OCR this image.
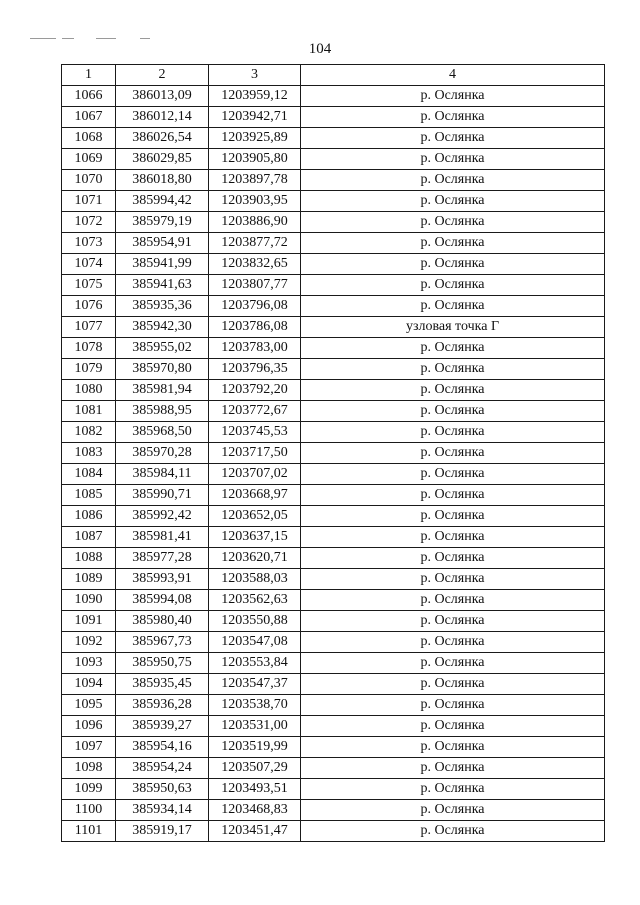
104
1	2	3	4
1066	386013,09	1203959,12	р. Ослянка
1067	386012,14	1203942,71	р. Ослянка
1068	386026,54	1203925,89	р. Ослянка
1069	386029,85	1203905,80	р. Ослянка
1070	386018,80	1203897,78	р. Ослянка
1071	385994,42	1203903,95	р. Ослянка
1072	385979,19	1203886,90	р. Ослянка
1073	385954,91	1203877,72	р. Ослянка
1074	385941,99	1203832,65	р. Ослянка
1075	385941,63	1203807,77	р. Ослянка
1076	385935,36	1203796,08	р. Ослянка
1077	385942,30	1203786,08	узловая точка Г
1078	385955,02	1203783,00	р. Ослянка
1079	385970,80	1203796,35	р. Ослянка
1080	385981,94	1203792,20	р. Ослянка
1081	385988,95	1203772,67	р. Ослянка
1082	385968,50	1203745,53	р. Ослянка
1083	385970,28	1203717,50	р. Ослянка
1084	385984,11	1203707,02	р. Ослянка
1085	385990,71	1203668,97	р. Ослянка
1086	385992,42	1203652,05	р. Ослянка
1087	385981,41	1203637,15	р. Ослянка
1088	385977,28	1203620,71	р. Ослянка
1089	385993,91	1203588,03	р. Ослянка
1090	385994,08	1203562,63	р. Ослянка
1091	385980,40	1203550,88	р. Ослянка
1092	385967,73	1203547,08	р. Ослянка
1093	385950,75	1203553,84	р. Ослянка
1094	385935,45	1203547,37	р. Ослянка
1095	385936,28	1203538,70	р. Ослянка
1096	385939,27	1203531,00	р. Ослянка
1097	385954,16	1203519,99	р. Ослянка
1098	385954,24	1203507,29	р. Ослянка
1099	385950,63	1203493,51	р. Ослянка
1100	385934,14	1203468,83	р. Ослянка
1101	385919,17	1203451,47	р. Ослянка
